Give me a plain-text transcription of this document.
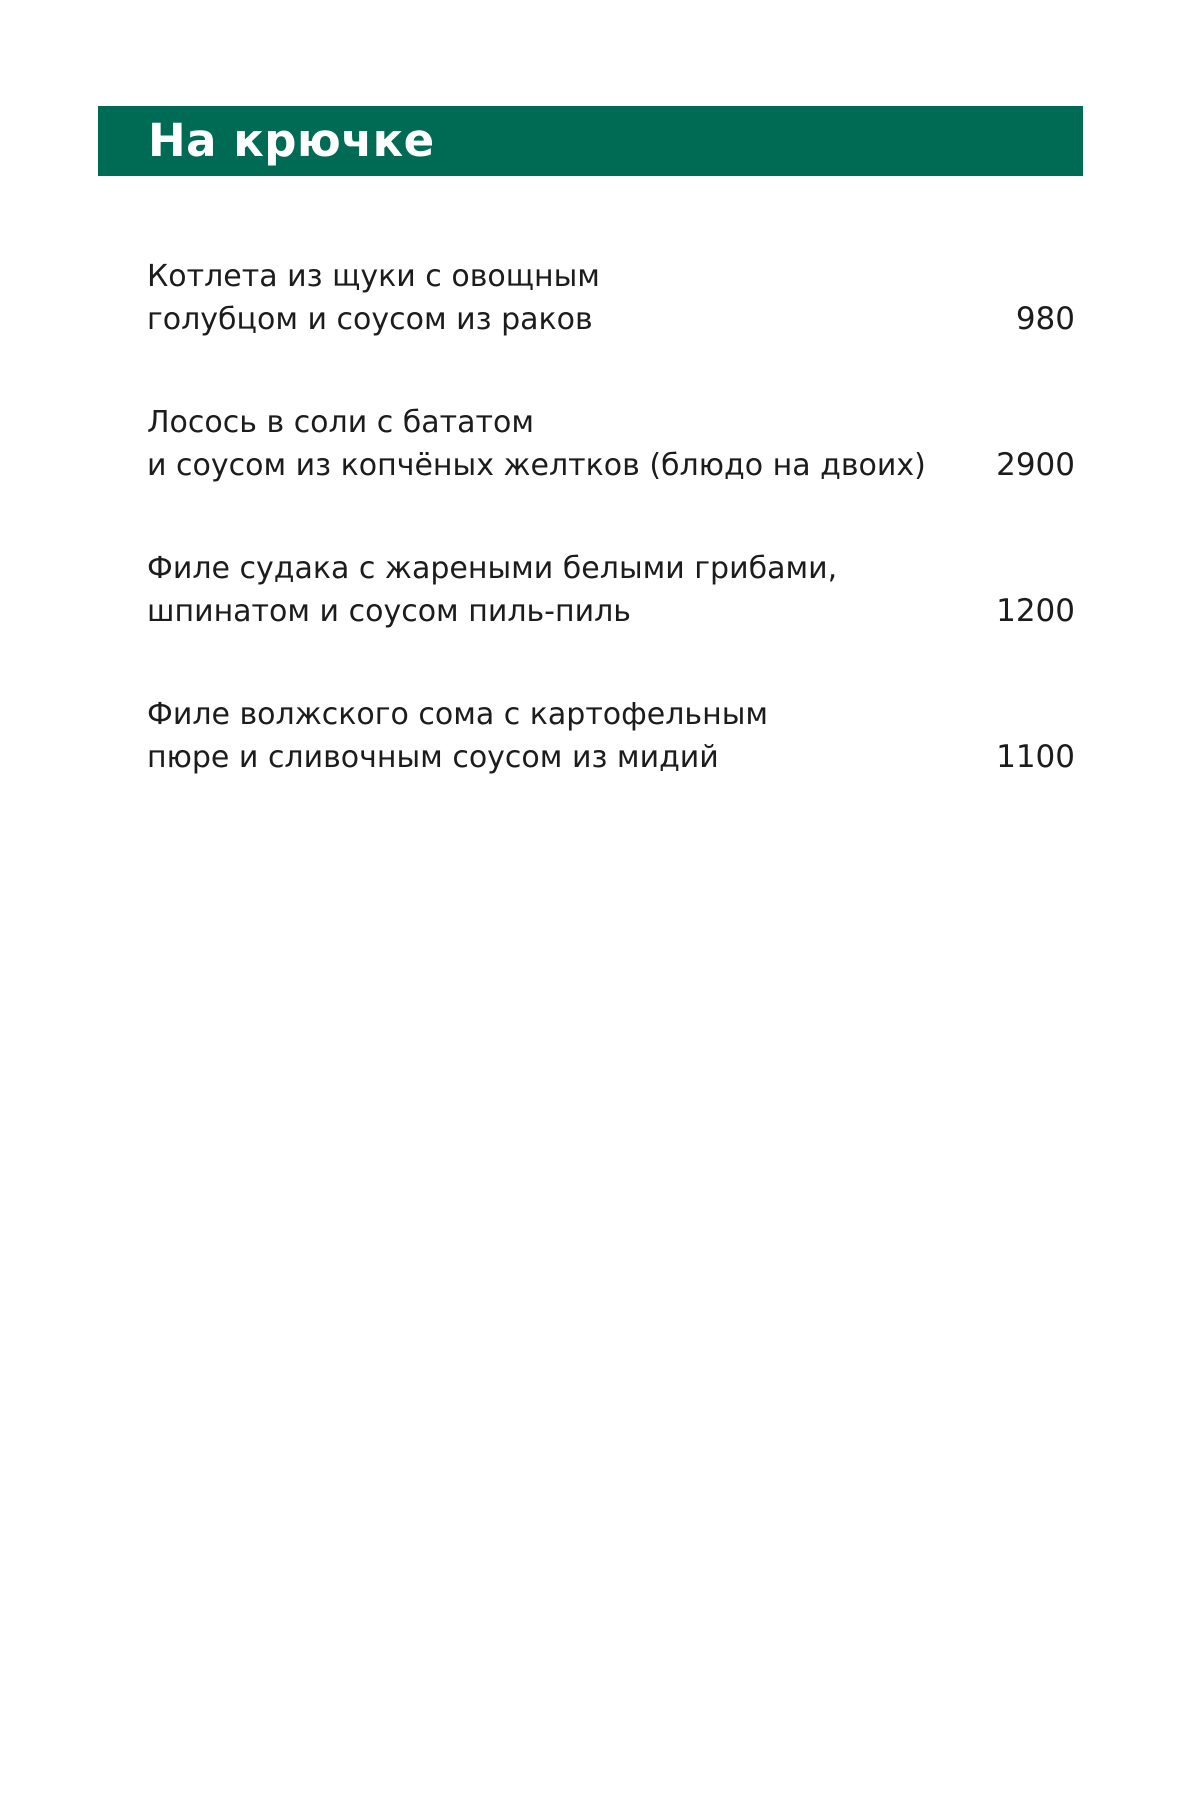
На крючке
Котлета из щуки с овощным
голубцом и соусом из раков	980
Лосось в соли с бататом
и соусом из копчёных желтков (блюдо на двоих)	2900
Филе судака с жареными белыми грибами,
шпинатом и соусом пиль-пиль	1200
Филе волжского сома с картофельным
пюре и сливочным соусом из мидий	1100
